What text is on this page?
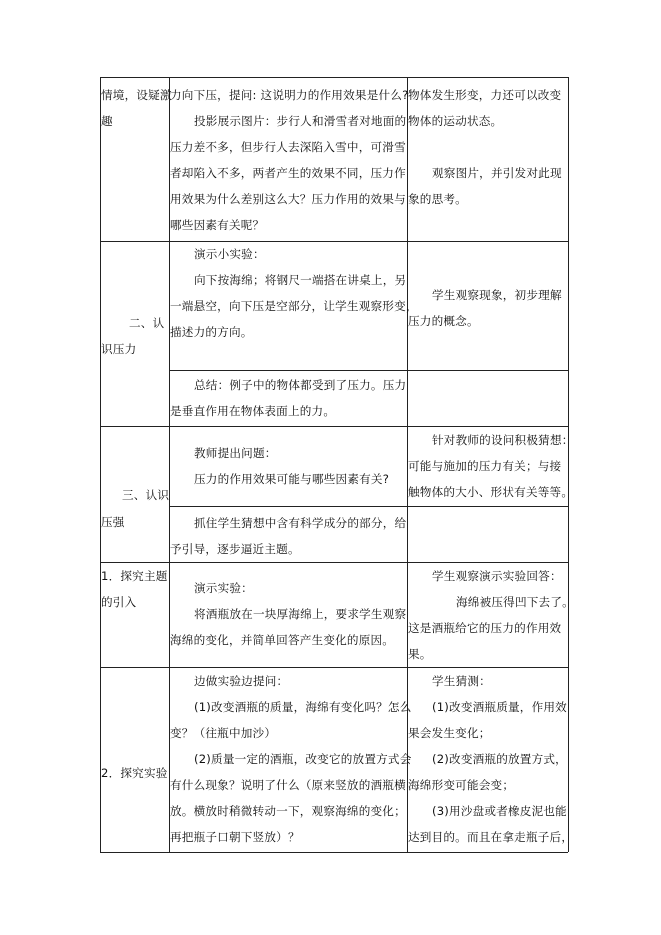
情境，设疑激

趣

力向下压，提问: 这说明力的作用效果是什么?

投影展示图片：步行人和滑雪者对地面的

压力差不多，但步行人去深陷入雪中，可滑雪

者却陷入不多，两者产生的效果不同，压力作

用效果为什么差别这么大？压力作用的效果与

哪些因素有关呢？

物体发生形变，力还可以改变

物体的运动状态。

观察图片，并引发对此现

象的思考。

二、认

识压力

演示小实验：

向下按海绵；将钢尺一端搭在讲桌上，另

一端悬空，向下压是空部分，让学生观察形变，

描述力的方向。

学生观察现象，初步理解

压力的概念。

总结：例子中的物体都受到了压力。压力

是垂直作用在物体表面上的力。

三、认识

压强

教师提出问题：

压力的作用效果可能与哪些因素有关?

针对教师的设问积极猜想：

可能与施加的压力有关；与接

触物体的大小、形状有关等等。

抓住学生猜想中含有科学成分的部分，给

予引导，逐步逼近主题。

1．探究主题

的引入

演示实验：

将酒瓶放在一块厚海绵上，要求学生观察

海绵的变化，并简单回答产生变化的原因。

学生观察演示实验回答：

海绵被压得凹下去了。

这是酒瓶给它的压力的作用效

果。

2．探究实验

边做实验边提问：

(1)改变酒瓶的质量，海绵有变化吗？怎么

变？（往瓶中加沙）

(2)质量一定的酒瓶，改变它的放置方式会

有什么现象？说明了什么（原来竖放的酒瓶横

放。横放时稍微转动一下，观察海绵的变化；

再把瓶子口朝下竖放）？

学生猜测：

(1)改变酒瓶质量，作用效

果会发生变化；

(2)改变酒瓶的放置方式，

海绵形变可能会变；

(3)用沙盘或者橡皮泥也能

达到目的。而且在拿走瓶子后，
